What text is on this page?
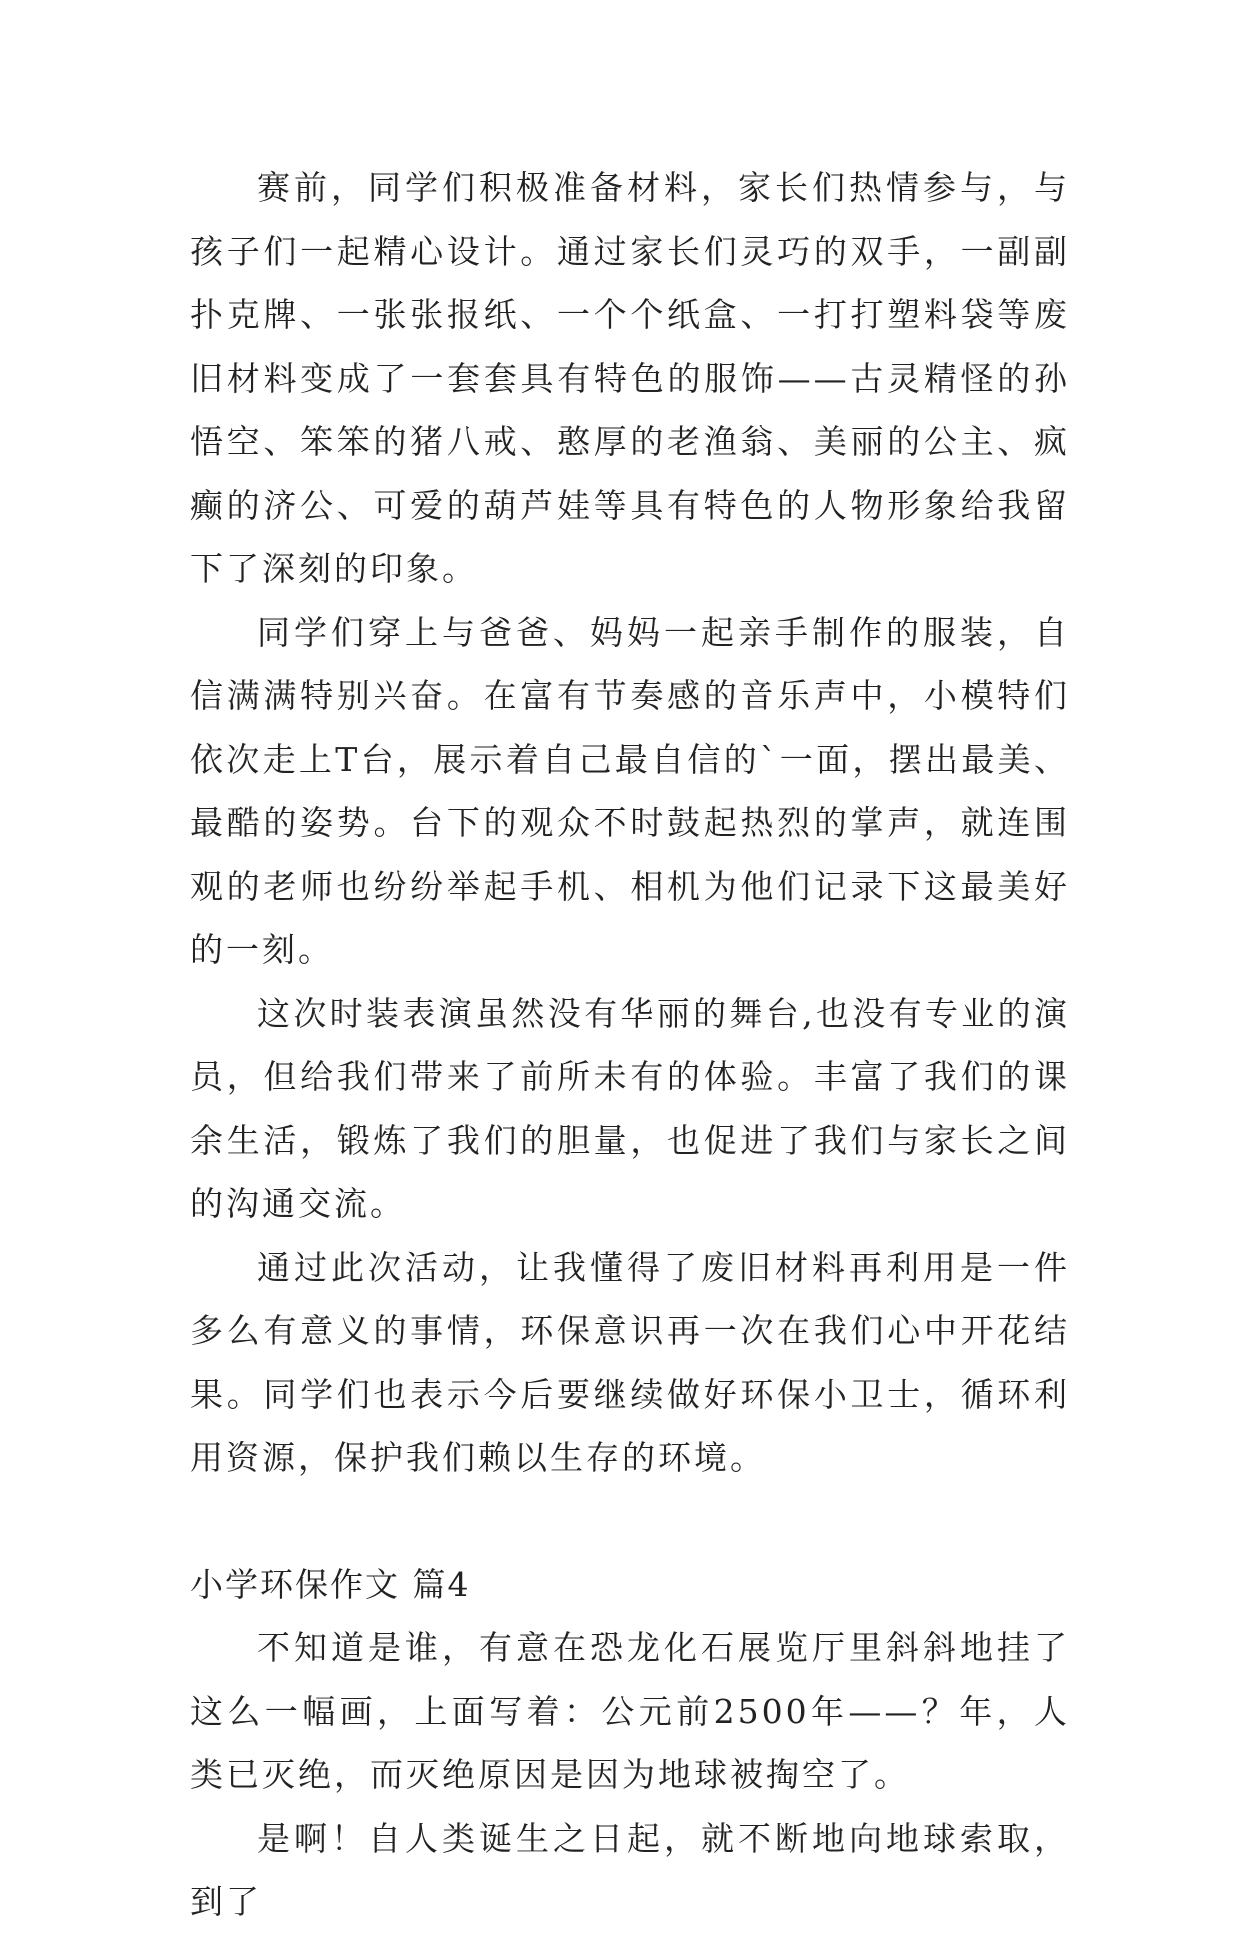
赛前，同学们积极准备材料，家长们热情参与，与孩子们一起精心设计。通过家长们灵巧的双手，一副副扑克牌、一张张报纸、一个个纸盒、一打打塑料袋等废旧材料变成了一套套具有特色的服饰——古灵精怪的孙悟空、笨笨的猪八戒、憨厚的老渔翁、美丽的公主、疯癫的济公、可爱的葫芦娃等具有特色的人物形象给我留下了深刻的印象。

同学们穿上与爸爸、妈妈一起亲手制作的服装，自信满满特别兴奋。在富有节奏感的音乐声中，小模特们依次走上T台，展示着自己最自信的`一面，摆出最美、最酷的姿势。台下的观众不时鼓起热烈的掌声，就连围观的老师也纷纷举起手机、相机为他们记录下这最美好的一刻。

这次时装表演虽然没有华丽的舞台,也没有专业的演员，但给我们带来了前所未有的体验。丰富了我们的课余生活，锻炼了我们的胆量，也促进了我们与家长之间的沟通交流。

通过此次活动，让我懂得了废旧材料再利用是一件多么有意义的事情，环保意识再一次在我们心中开花结果。同学们也表示今后要继续做好环保小卫士，循环利用资源，保护我们赖以生存的环境。

小学环保作文 篇4

不知道是谁，有意在恐龙化石展览厅里斜斜地挂了这么一幅画，上面写着：公元前2500年——？年，人类已灭绝，而灭绝原因是因为地球被掏空了。

是啊！自人类诞生之日起，就不断地向地球索取，到了
